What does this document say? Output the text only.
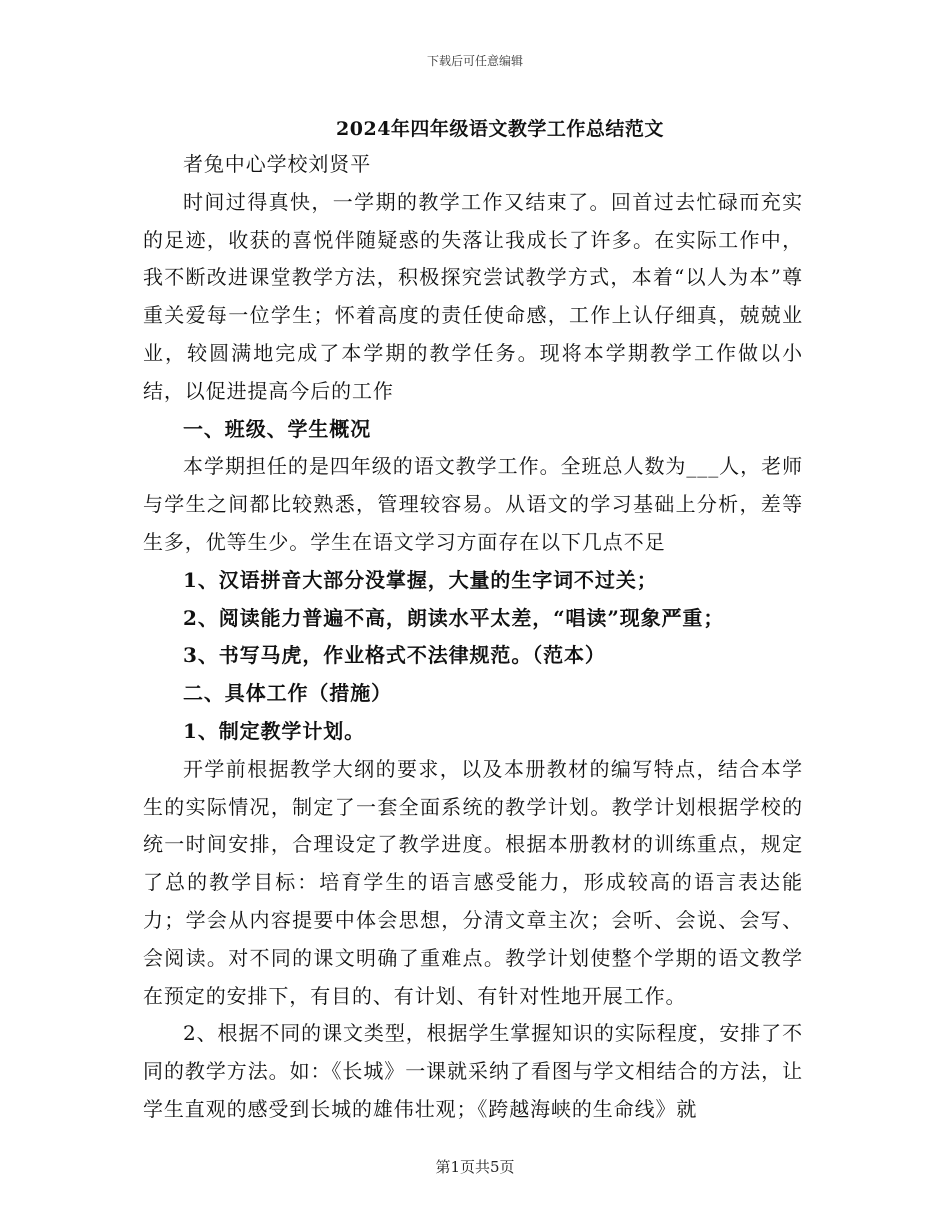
下载后可任意编辑
2024年四年级语文教学工作总结范文

者兔中心学校刘贤平

时间过得真快，一学期的教学工作又结束了。回首过去忙碌而充实的足迹，收获的喜悦伴随疑惑的失落让我成长了许多。在实际工作中，我不断改进课堂教学方法，积极探究尝试教学方式，本着“以人为本”尊重关爱每一位学生；怀着高度的责任使命感，工作上认仔细真，兢兢业业，较圆满地完成了本学期的教学任务。现将本学期教学工作做以小结，以促进提高今后的工作

一、班级、学生概况

本学期担任的是四年级的语文教学工作。全班总人数为___人，老师与学生之间都比较熟悉，管理较容易。从语文的学习基础上分析，差等生多，优等生少。学生在语文学习方面存在以下几点不足

1、汉语拼音大部分没掌握，大量的生字词不过关；

2、阅读能力普遍不高，朗读水平太差，“唱读”现象严重；

3、书写马虎，作业格式不法律规范。（范本）

二、具体工作（措施）

1、制定教学计划。

开学前根据教学大纲的要求，以及本册教材的编写特点，结合本学生的实际情况，制定了一套全面系统的教学计划。教学计划根据学校的统一时间安排，合理设定了教学进度。根据本册教材的训练重点，规定了总的教学目标：培育学生的语言感受能力，形成较高的语言表达能力；学会从内容提要中体会思想，分清文章主次；会听、会说、会写、会阅读。对不同的课文明确了重难点。教学计划使整个学期的语文教学在预定的安排下，有目的、有计划、有针对性地开展工作。

2、根据不同的课文类型，根据学生掌握知识的实际程度，安排了不同的教学方法。如：《长城》一课就采纳了看图与学文相结合的方法，让学生直观的感受到长城的雄伟壮观；《跨越海峡的生命线》就

第1页共5页
